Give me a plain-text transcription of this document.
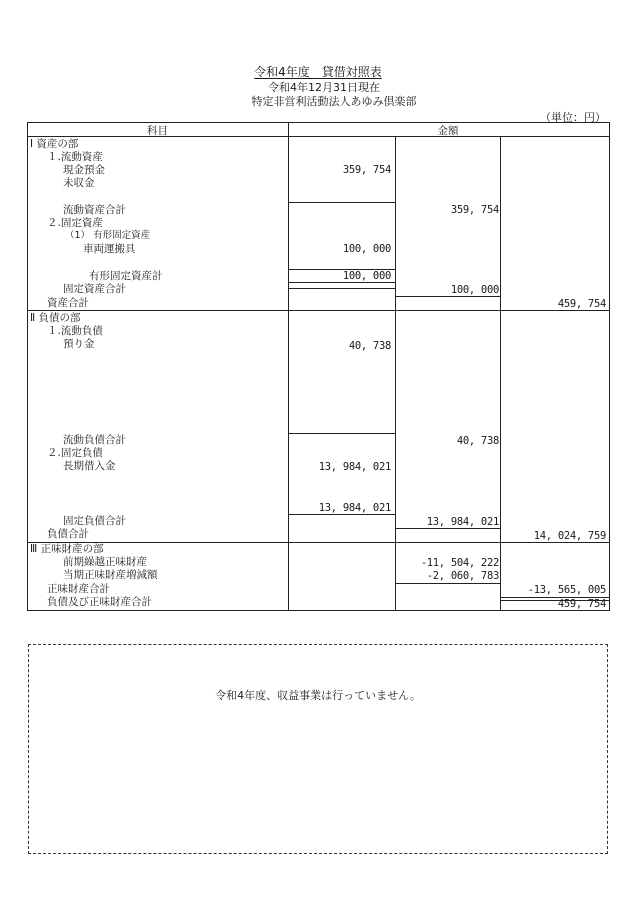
令和4年度　貸借対照表
令和4年12月31日現在
特定非営利活動法人あゆみ倶楽部
（単位：円）
科目	金額
Ⅰ 資産の部
１.流動資産
現金預金	359, 754
未収金
流動資産合計	359, 754
２.固定資産
（1） 有形固定資産
車両運搬具	100, 000
有形固定資産計	100, 000
固定資産合計	100, 000
資産合計	459, 754
Ⅱ 負債の部
１.流動負債
預り金	40, 738
流動負債合計	40, 738
２.固定負債
長期借入金	13, 984, 021
13, 984, 021
固定負債合計	13, 984, 021
負債合計	14, 024, 759
Ⅲ 正味財産の部
前期繰越正味財産	-11, 504, 222
当期正味財産増減額	-2, 060, 783
正味財産合計	-13, 565, 005
負債及び正味財産合計	459, 754
令和4年度、収益事業は行っていません。
